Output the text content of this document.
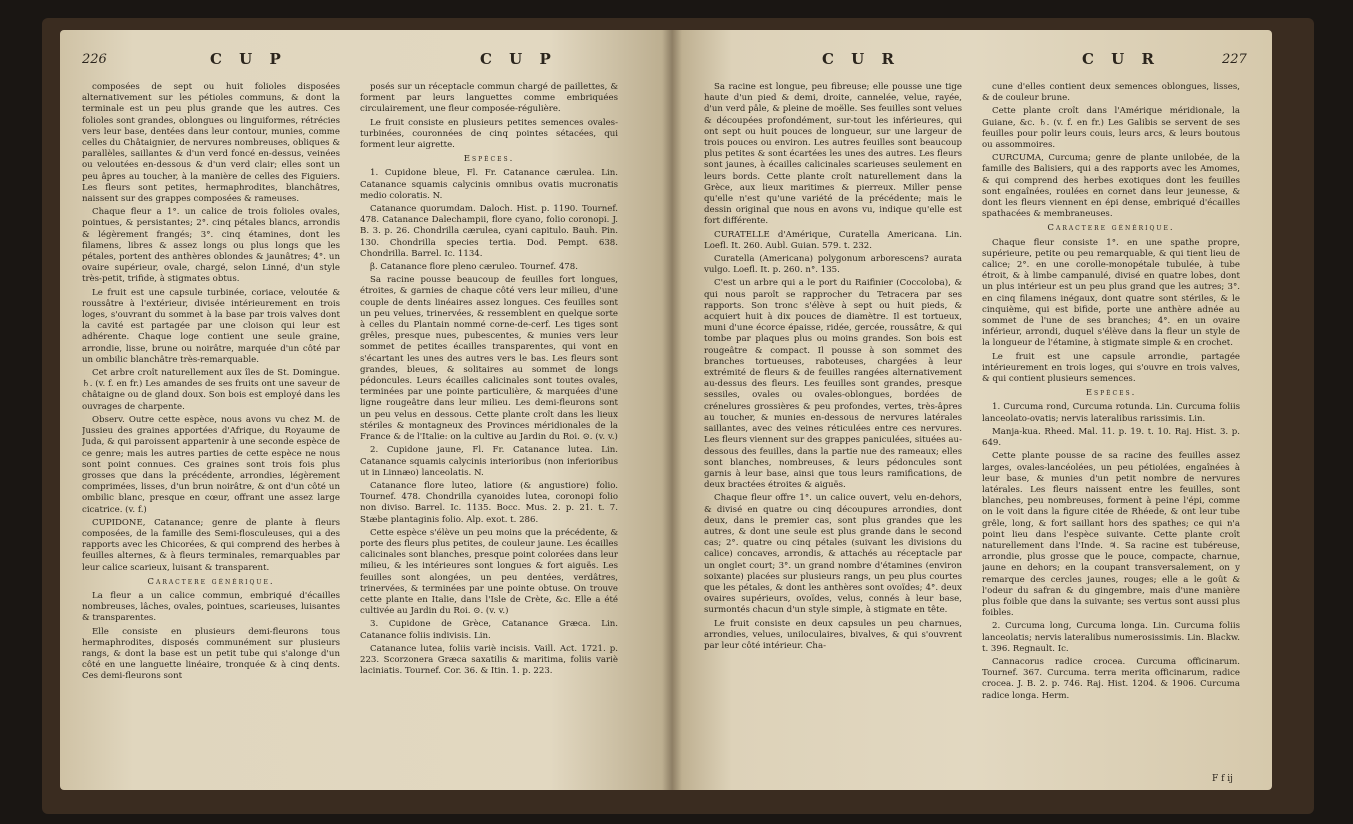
226	C U P	C U P

composées de sept ou huit folioles disposées alternativement sur les pétioles communs, & dont la terminale est un peu plus grande que les autres. Ces folioles sont grandes, oblongues ou linguiformes, rétrécies vers leur base, dentées dans leur contour, munies, comme celles du Châtaignier, de nervures nombreuses, obliques & parallèles, saillantes & d'un verd foncé en-dessus, veinées ou veloutées en-dessous & d'un verd clair; elles sont un peu âpres au toucher, à la manière de celles des Figuiers. Les fleurs sont petites, hermaphrodites, blanchâtres, naissent sur des grappes composées & rameuses.

Chaque fleur a 1°. un calice de trois folioles ovales, pointues, & persistantes; 2°. cinq pétales blancs, arrondis & légèrement frangés; 3°. cinq étamines, dont les filamens, libres & assez longs ou plus longs que les pétales, portent des anthères oblondes & jaunâtres; 4°. un ovaire supérieur, ovale, chargé, selon Linné, d'un style très-petit, trifide, à stigmates obtus.

Le fruit est une capsule turbinée, coriace, veloutée & roussâtre à l'extérieur, divisée intérieurement en trois loges, s'ouvrant du sommet à la base par trois valves dont la cavité est partagée par une cloison qui leur est adhérente. Chaque loge contient une seule graine, arrondie, lisse, brune ou noirâtre, marquée d'un côté par un ombilic blanchâtre très-remarquable.

Cet arbre croît naturellement aux îles de St. Domingue. ♄. (v. f. en fr.) Les amandes de ses fruits ont une saveur de châtaigne ou de gland doux. Son bois est employé dans les ouvrages de charpente.

Observ. Outre cette espèce, nous avons vu chez M. de Jussieu des graines apportées d'Afrique, du Royaume de Juda, & qui paroissent appartenir à une seconde espèce de ce genre; mais les autres parties de cette espèce ne nous sont point connues. Ces graines sont trois fois plus grosses que dans la précédente, arrondies, légèrement comprimées, lisses, d'un brun noirâtre, & ont d'un côté un ombilic blanc, presque en cœur, offrant une assez large cicatrice. (v. f.)

CUPIDONE, Catanance; genre de plante à fleurs composées, de la famille des Semi-flosculeuses, qui a des rapports avec les Chicorées, & qui comprend des herbes à feuilles alternes, & à fleurs terminales, remarquables par leur calice scarieux, luisant & transparent.

Caractere générique.

La fleur a un calice commun, embriqué d'écailles nombreuses, lâches, ovales, pointues, scarieuses, luisantes & transparentes.

Elle consiste en plusieurs demi-fleurons tous hermaphrodites, disposés communément sur plusieurs rangs, & dont la base est un petit tube qui s'alonge d'un côté en une languette linéaire, tronquée & à cinq dents. Ces demi-fleurons sont

posés sur un réceptacle commun chargé de paillettes, & forment par leurs languettes comme embriquées circulairement, une fleur composée-régulière.

Le fruit consiste en plusieurs petites semences ovales-turbinées, couronnées de cinq pointes sétacées, qui forment leur aigrette.

Espèces.

1. Cupidone bleue, Fl. Fr. Catanance cærulea. Lin. Catanance squamis calycinis omnibus ovatis mucronatis medio coloratis. N.

Catanance quorumdam. Daloch. Hist. p. 1190. Tournef. 478. Catanance Dalechampii, flore cyano, folio coronopi. J. B. 3. p. 26. Chondrilla cærulea, cyani capitulo. Bauh. Pin. 130. Chondrilla species tertia. Dod. Pempt. 638. Chondrilla. Barrel. Ic. 1134.

β. Catanance flore pleno cæruleo. Tournef. 478.

Sa racine pousse beaucoup de feuilles fort longues, étroites, & garnies de chaque côté vers leur milieu, d'une couple de dents linéaires assez longues. Ces feuilles sont un peu velues, trinervées, & ressemblent en quelque sorte à celles du Plantain nommé corne-de-cerf. Les tiges sont grêles, presque nues, pubescentes, & munies vers leur sommet de petites écailles transparentes, qui vont en s'écartant les unes des autres vers le bas. Les fleurs sont grandes, bleues, & solitaires au sommet de longs pédoncules. Leurs écailles calicinales sont toutes ovales, terminées par une pointe particulière, & marquées d'une ligne rougeâtre dans leur milieu. Les demi-fleurons sont un peu velus en dessous. Cette plante croît dans les lieux stériles & montagneux des Provinces méridionales de la France & de l'Italie: on la cultive au Jardin du Roi. ⊙. (v. v.)

2. Cupidone jaune, Fl. Fr. Catanance lutea. Lin. Catanance squamis calycinis interioribus (non inferioribus ut in Linnæo) lanceolatis. N.

Catanance flore luteo, latiore (& angustiore) folio. Tournef. 478. Chondrilla cyanoides lutea, coronopi folio non diviso. Barrel. Ic. 1135. Bocc. Mus. 2. p. 21. t. 7. Stæbe plantaginis folio. Alp. exot. t. 286.

Cette espèce s'élève un peu moins que la précédente, & porte des fleurs plus petites, de couleur jaune. Les écailles calicinales sont blanches, presque point colorées dans leur milieu, & les intérieures sont longues & fort aiguës. Les feuilles sont alongées, un peu dentées, verdâtres, trinervées, & terminées par une pointe obtuse. On trouve cette plante en Italie, dans l'Isle de Crète, &c. Elle a été cultivée au Jardin du Roi. ⊙. (v. v.)

3. Cupidone de Grèce, Catanance Græca. Lin. Catanance foliis indivisis. Lin.

Catanance lutea, foliis variè incisis. Vaill. Act. 1721. p. 223. Scorzonera Græca saxatilis & maritima, foliis variè laciniatis. Tournef. Cor. 36. & Itin. 1. p. 223.

C U R	C U R	227

Sa racine est longue, peu fibreuse; elle pousse une tige haute d'un pied & demi, droite, cannelée, velue, rayée, d'un verd pâle, & pleine de moëlle. Ses feuilles sont velues & découpées profondément, sur-tout les inférieures, qui ont sept ou huit pouces de longueur, sur une largeur de trois pouces ou environ. Les autres feuilles sont beaucoup plus petites & sont écartées les unes des autres. Les fleurs sont jaunes, à écailles calicinales scarieuses seulement en leurs bords. Cette plante croît naturellement dans la Grèce, aux lieux maritimes & pierreux. Miller pense qu'elle n'est qu'une variété de la précédente; mais le dessin original que nous en avons vu, indique qu'elle est fort différente.

CURATELLE d'Amérique, Curatella Americana. Lin. Loefl. It. 260. Aubl. Guian. 579. t. 232.

Curatella (Americana) polygonum arborescens? aurata vulgo. Loefl. It. p. 260. n°. 135.

C'est un arbre qui a le port du Raifinier (Coccoloba), & qui nous paroît se rapprocher du Tetracera par ses rapports. Son tronc s'élève à sept ou huit pieds, & acquiert huit à dix pouces de diamètre. Il est tortueux, muni d'une écorce épaisse, ridée, gercée, roussâtre, & qui tombe par plaques plus ou moins grandes. Son bois est rougeâtre & compact. Il pousse à son sommet des branches tortueuses, raboteuses, chargées à leur extrémité de fleurs & de feuilles rangées alternativement au-dessus des fleurs. Les feuilles sont grandes, presque sessiles, ovales ou ovales-oblongues, bordées de crénelures grossières & peu profondes, vertes, très-âpres au toucher, & munies en-dessous de nervures latérales saillantes, avec des veines réticulées entre ces nervures. Les fleurs viennent sur des grappes paniculées, situées au-dessous des feuilles, dans la partie nue des rameaux; elles sont blanches, nombreuses, & leurs pédoncules sont garnis à leur base, ainsi que tous leurs ramifications, de deux bractées étroites & aiguës.

Chaque fleur offre 1°. un calice ouvert, velu en-dehors, & divisé en quatre ou cinq découpures arrondies, dont deux, dans le premier cas, sont plus grandes que les autres, & dont une seule est plus grande dans le second cas; 2°. quatre ou cinq pétales (suivant les divisions du calice) concaves, arrondis, & attachés au réceptacle par un onglet court; 3°. un grand nombre d'étamines (environ soixante) placées sur plusieurs rangs, un peu plus courtes que les pétales, & dont les anthères sont ovoïdes; 4°. deux ovaires supérieurs, ovoïdes, velus, connés à leur base, surmontés chacun d'un style simple, à stigmate en tête.

Le fruit consiste en deux capsules un peu charnues, arrondies, velues, uniloculaires, bivalves, & qui s'ouvrent par leur côté intérieur. Cha-

cune d'elles contient deux semences oblongues, lisses, & de couleur brune.

Cette plante croît dans l'Amérique méridionale, la Guiane, &c. ♄. (v. f. en fr.) Les Galibis se servent de ses feuilles pour polir leurs couis, leurs arcs, & leurs boutous ou assommoires.

CURCUMA, Curcuma; genre de plante unilobée, de la famille des Balisiers, qui a des rapports avec les Amomes, & qui comprend des herbes exotiques dont les feuilles sont engaînées, roulées en cornet dans leur jeunesse, & dont les fleurs viennent en épi dense, embriqué d'écailles spathacées & membraneuses.

Caractere générique.

Chaque fleur consiste 1°. en une spathe propre, supérieure, petite ou peu remarquable, & qui tient lieu de calice; 2°. en une corolle-monopétale tubulée, à tube étroit, & à limbe campanulé, divisé en quatre lobes, dont un plus intérieur est un peu plus grand que les autres; 3°. en cinq filamens inégaux, dont quatre sont stériles, & le cinquième, qui est bifide, porte une anthère adnée au sommet de l'une de ses branches; 4°. en un ovaire inférieur, arrondi, duquel s'élève dans la fleur un style de la longueur de l'étamine, à stigmate simple & en crochet.

Le fruit est une capsule arrondie, partagée intérieurement en trois loges, qui s'ouvre en trois valves, & qui contient plusieurs semences.

Espèces.

1. Curcuma rond, Curcuma rotunda. Lin. Curcuma foliis lanceolato-ovatis; nervis lateralibus rarissimis. Lin.

Manja-kua. Rheed. Mal. 11. p. 19. t. 10. Raj. Hist. 3. p. 649.

Cette plante pousse de sa racine des feuilles assez larges, ovales-lancéolées, un peu pétiolées, engaînées à leur base, & munies d'un petit nombre de nervures latérales. Les fleurs naissent entre les feuilles, sont blanches, peu nombreuses, forment à peine l'épi, comme on le voit dans la figure citée de Rhéede, & ont leur tube grêle, long, & fort saillant hors des spathes; ce qui n'a point lieu dans l'espèce suivante. Cette plante croît naturellement dans l'Inde. ♃. Sa racine est tubéreuse, arrondie, plus grosse que le pouce, compacte, charnue, jaune en dehors; en la coupant transversalement, on y remarque des cercles jaunes, rouges; elle a le goût & l'odeur du safran & du gingembre, mais d'une manière plus foible que dans la suivante; ses vertus sont aussi plus foibles.

2. Curcuma long, Curcuma longa. Lin. Curcuma foliis lanceolatis; nervis lateralibus numerosissimis. Lin. Blackw. t. 396. Regnault. Ic.

Cannacorus radice crocea. Curcuma officinarum. Tournef. 367. Curcuma. terra merita officinarum, radice crocea. J. B. 2. p. 746. Raj. Hist. 1204. & 1906. Curcuma radice longa. Herm.

F f ij
